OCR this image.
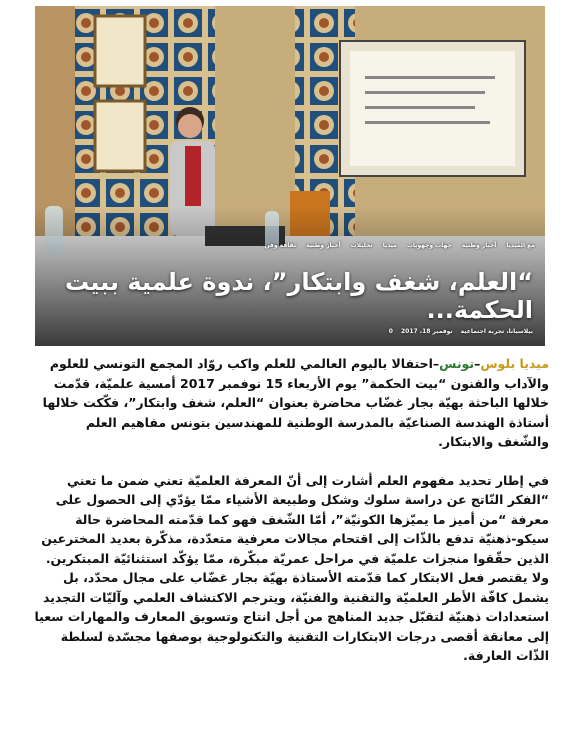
ثقافة وفن أخبار وطنية تحليلات ميديا جهات وجهويات أخبار وطنية مع الميديا
“العلم، شغف وابتكار”، ندوة علمية ببيت الحكمة...
بيلاسيانا، تجربة اجتماعية
نوفمبر 18، 2017
0

ميديا بلوس–تونس–احتفالا باليوم العالمي للعلم واكب روّاد المجمع التونسي للعلوم والآداب والفنون “بيت الحكمة” يوم الأربعاء 15 نوفمبر 2017 أمسية علميّة، قدّمت خلالها الباحثة بهيّة بجار غضّاب محاضرة بعنوان “العلم، شغف وابتكار”، فكّكت خلالها أستاذة الهندسة الصناعيّة بالمدرسة الوطنية للمهندسين بتونس مفاهيم العلم والشّغف والابتكار.

في إطار تحديد مفهوم العلم أشارت إلى أنّ المعرفة العلميّة تعني ضمن ما تعني “الفكر النّاتج عن دراسة سلوك وشكل وطبيعة الأشياء ممّا يؤدّي إلى الحصول على معرفة “من أميز ما يميّزها الكونيّة”، أمّا الشّغف فهو كما قدّمته المحاضرة حالة سيكو-ذهنيّة تدفع بالذّات إلى اقتحام مجالات معرفية متعدّدة، مذكّرة بعديد المخترعين الذين حقّقوا منجزات علميّة في مراحل عمريّة مبكّرة، ممّا يؤكّد استثنائيّة المبتكرين. ولا يقتصر فعل الابتكار كما قدّمته الأستاذة بهيّة بجار غضّاب على مجال محدّد، بل يشمل كافّة الأطر العلميّة والتقنية والفنيّة، ويترجم الاكتشاف العلمي وآليّات التجديد استعدادات ذهنيّة لتقبّل جديد المناهج من أجل انتاج وتسويق المعارف والمهارات سعيا إلى معانقة أقصى درجات الابتكارات التقنية والتكنولوجية بوصفها مجسّدة لسلطة الذّات العارفة.
